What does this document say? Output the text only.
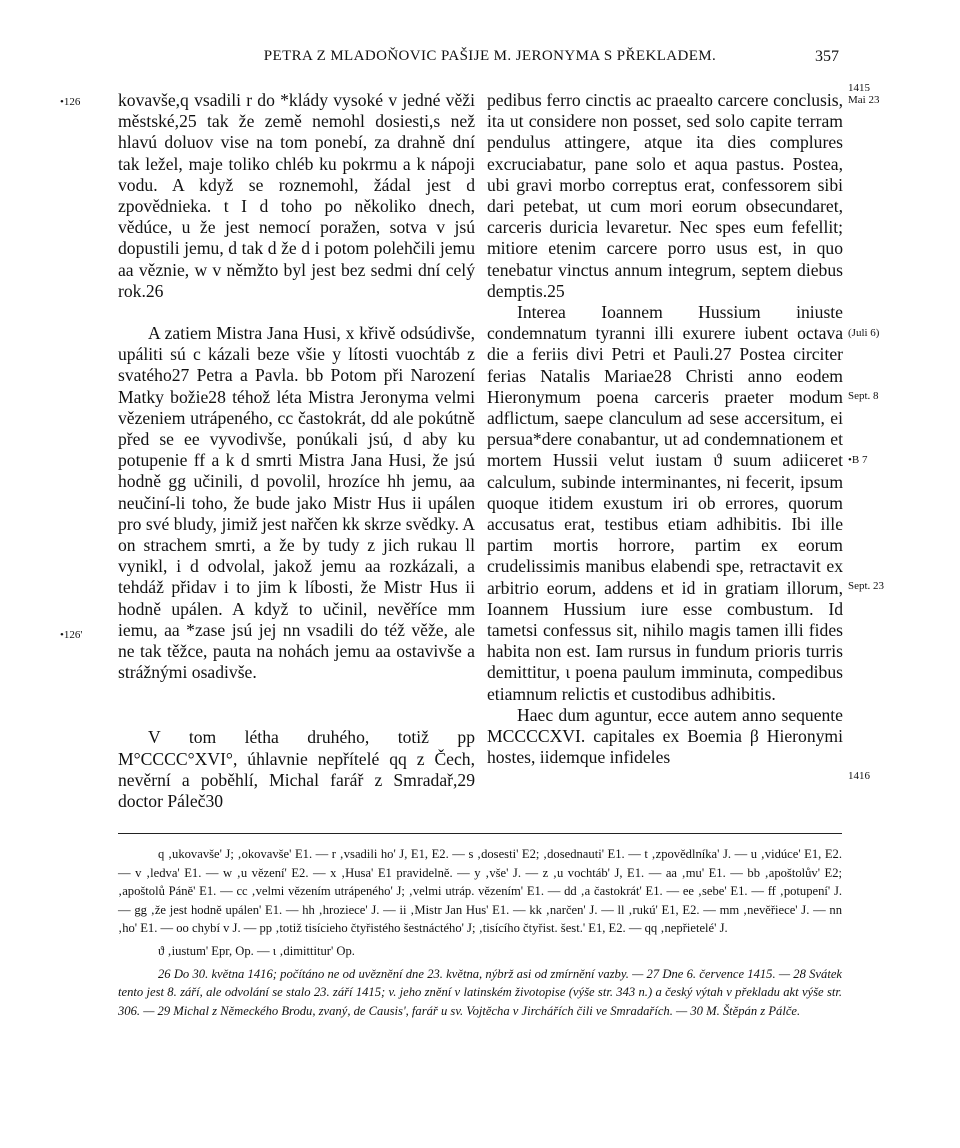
PETRA Z MLADOŇOVIC PAŠIJE M. JERONYMA S PŘEKLADEM.	357
•126
•126'

kovavše,q vsadili r do *klády vysoké v jedné věži městské,25 tak že země nemohl dosiesti,s než hlavú doluov vise na tom ponebí, za drahně dní tak ležel, maje toliko chléb ku pokrmu a k nápoji vodu. A když se roznemohl, žádal jest d zpovědnieka. t I d toho po několiko dnech, vědúce, u že jest nemocí poražen, sotva v jsú dopustili jemu, d tak d že d i potom polehčili jemu aa věznie, w v němžto byl jest bez sedmi dní celý rok.26

A zatiem Mistra Jana Husi, x křivě odsúdivše, upáliti sú c kázali beze všie y lítosti vuochtáb z svatého27 Petra a Pavla. bb Potom při Narození Matky božie28 téhož léta Mistra Jeronyma velmi vězeniem utrápeného, cc častokrát, dd ale pokútně před se ee vyvodivše, ponúkali jsú, d aby ku potupenie ff a k d smrti Mistra Jana Husi, že jsú hodně gg učinili, d povolil, hrozíce hh jemu, aa neučiní-li toho, že bude jako Mistr Hus ii upálen pro své bludy, jimiž jest nařčen kk skrze svědky. A on strachem smrti, a že by tudy z jich rukau ll vynikl, i d odvolal, jakož jemu aa rozkázali, a tehdáž přidav i to jim k líbosti, že Mistr Hus ii hodně upálen. A když to učinil, nevěříce mm iemu, aa *zase jsú jej nn vsadili do též věže, ale ne tak těžce, pauta na nohách jemu aa ostavivše a strážnými osadivše.

V tom létha druhého, totiž pp M°CCCC°XVI°, úhlavnie nepřítelé qq z Čech, nevěrní a poběhlí, Michal farář z Smradař,29 doctor Páleč30

pedibus ferro cinctis ac praealto carcere conclusis, ita ut considere non posset, sed solo capite terram pendulus attingere, atque ita dies complures excruciabatur, pane solo et aqua pastus. Postea, ubi gravi morbo correptus erat, confessorem sibi dari petebat, ut cum mori eorum obsecundaret, carceris duricia levaretur. Nec spes eum fefellit; mitiore etenim carcere porro usus est, in quo tenebatur vinctus annum integrum, septem diebus demptis.25

Interea Ioannem Hussium iniuste condemnatum tyranni illi exurere iubent octava die a feriis divi Petri et Pauli.27 Postea circiter ferias Natalis Mariae28 Christi anno eodem Hieronymum poena carceris praeter modum adflictum, saepe clanculum ad sese accersitum, ei persua*dere conabantur, ut ad condemnationem et mortem Hussii velut iustam ϑ suum adiiceret calculum, subinde interminantes, ni fecerit, ipsum quoque itidem exustum iri ob errores, quorum accusatus erat, testibus etiam adhibitis. Ibi ille partim mortis horrore, partim ex eorum crudelissimis manibus elabendi spe, retractavit ex arbitrio eorum, addens et id in gratiam illorum, Ioannem Hussium iure esse combustum. Id tametsi confessus sit, nihilo magis tamen illi fides habita non est. Iam rursus in fundum prioris turris demittitur, ι poena paulum imminuta, compedibus etiamnum relictis et custodibus adhibitis.

Haec dum aguntur, ecce autem anno sequente MCCCCXVI. capitales ex Boemia β Hieronymi hostes, iidemque infideles

1415
Mai 23
(Juli 6)
Sept. 8
•B 7
Sept. 23
1416

q ‚ukovavše' J; ‚okovavše' E1. — r ‚vsadili ho' J, E1, E2. — s ‚dosesti' E2; ‚dosednauti' E1. — t ‚zpovědlníka' J. — u ‚vidúce' E1, E2. — v ‚ledva' E1. — w ‚u vězení' E2. — x ‚Husa' E1 pravidelně. — y ‚vše' J. — z ‚u vochtáb' J, E1. — aa ‚mu' E1. — bb ‚apoštolův' E2; ‚apoštolů Páně' E1. — cc ‚velmi vězením utrápeného' J; ‚velmi utráp. vězením' E1. — dd ‚a častokrát' E1. — ee ‚sebe' E1. — ff ‚potupení' J. — gg ‚že jest hodně upálen' E1. — hh ‚hroziece' J. — ii ‚Mistr Jan Hus' E1. — kk ‚narčen' J. — ll ‚rukú' E1, E2. — mm ‚nevěřiece' J. — nn ‚ho' E1. — oo chybí v J. — pp ‚totiž tisícieho čtyřistého šestnáctého' J; ‚tisícího čtyřist. šest.' E1, E2. — qq ‚nepřietelé' J.

ϑ ‚iustum' Epr, Op. — ι ‚dimittitur' Op.

26 Do 30. května 1416; počítáno ne od uvěznění dne 23. května, nýbrž asi od zmírnění vazby. — 27 Dne 6. července 1415. — 28 Svátek tento jest 8. září, ale odvolání se stalo 23. září 1415; v. jeho znění v latinském životopise (výše str. 343 n.) a český výtah v překladu akt výše str. 306. — 29 Michal z Německého Brodu, zvaný, de Causis', farář u sv. Vojtěcha v Jirchářích čili ve Smradařích. — 30 M. Štěpán z Pálče.
